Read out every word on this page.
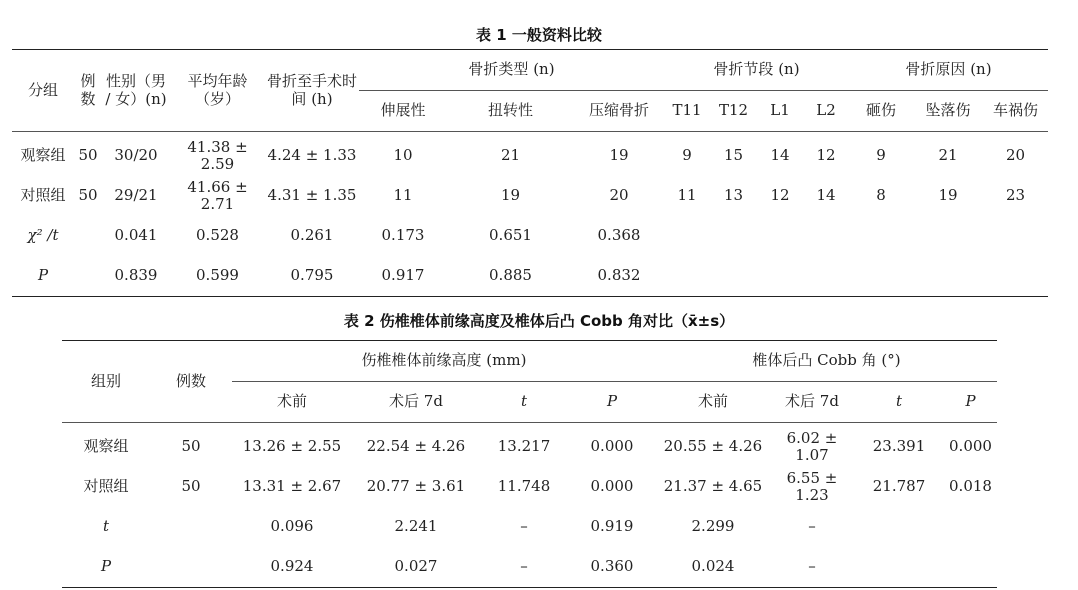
表 1 一般资料比较
分组	例数	性别（男 / 女）(n)	平均年龄（岁）	骨折至手术时间 (h)	骨折类型 (n)			骨折节段 (n)				骨折原因 (n)		
					伸展性	扭转性	压缩骨折	T11	T12	L1	L2	砸伤	坠落伤	车祸伤
观察组	50	30/20	41.38 ± 2.59	4.24 ± 1.33	10	21	19	9	15	14	12	9	21	20
对照组	50	29/21	41.66 ± 2.71	4.31 ± 1.35	11	19	20	11	13	12	14	8	19	23
χ² /t		0.041	0.528	0.261	0.173	0.651	0.368							
P		0.839	0.599	0.795	0.917	0.885	0.832							
表 2 伤椎椎体前缘高度及椎体后凸 Cobb 角对比（x̄±s）
组别	例数	伤椎椎体前缘高度 (mm)				椎体后凸 Cobb 角 (°)			
		术前	术后 7d	t	P	术前	术后 7d	t	P
观察组	50	13.26 ± 2.55	22.54 ± 4.26	13.217	0.000	20.55 ± 4.26	6.02 ± 1.07	23.391	0.000
对照组	50	13.31 ± 2.67	20.77 ± 3.61	11.748	0.000	21.37 ± 4.65	6.55 ± 1.23	21.787	0.018
t		0.096	2.241	–	0.919	2.299	–		
P		0.924	0.027	–	0.360	0.024	–		
